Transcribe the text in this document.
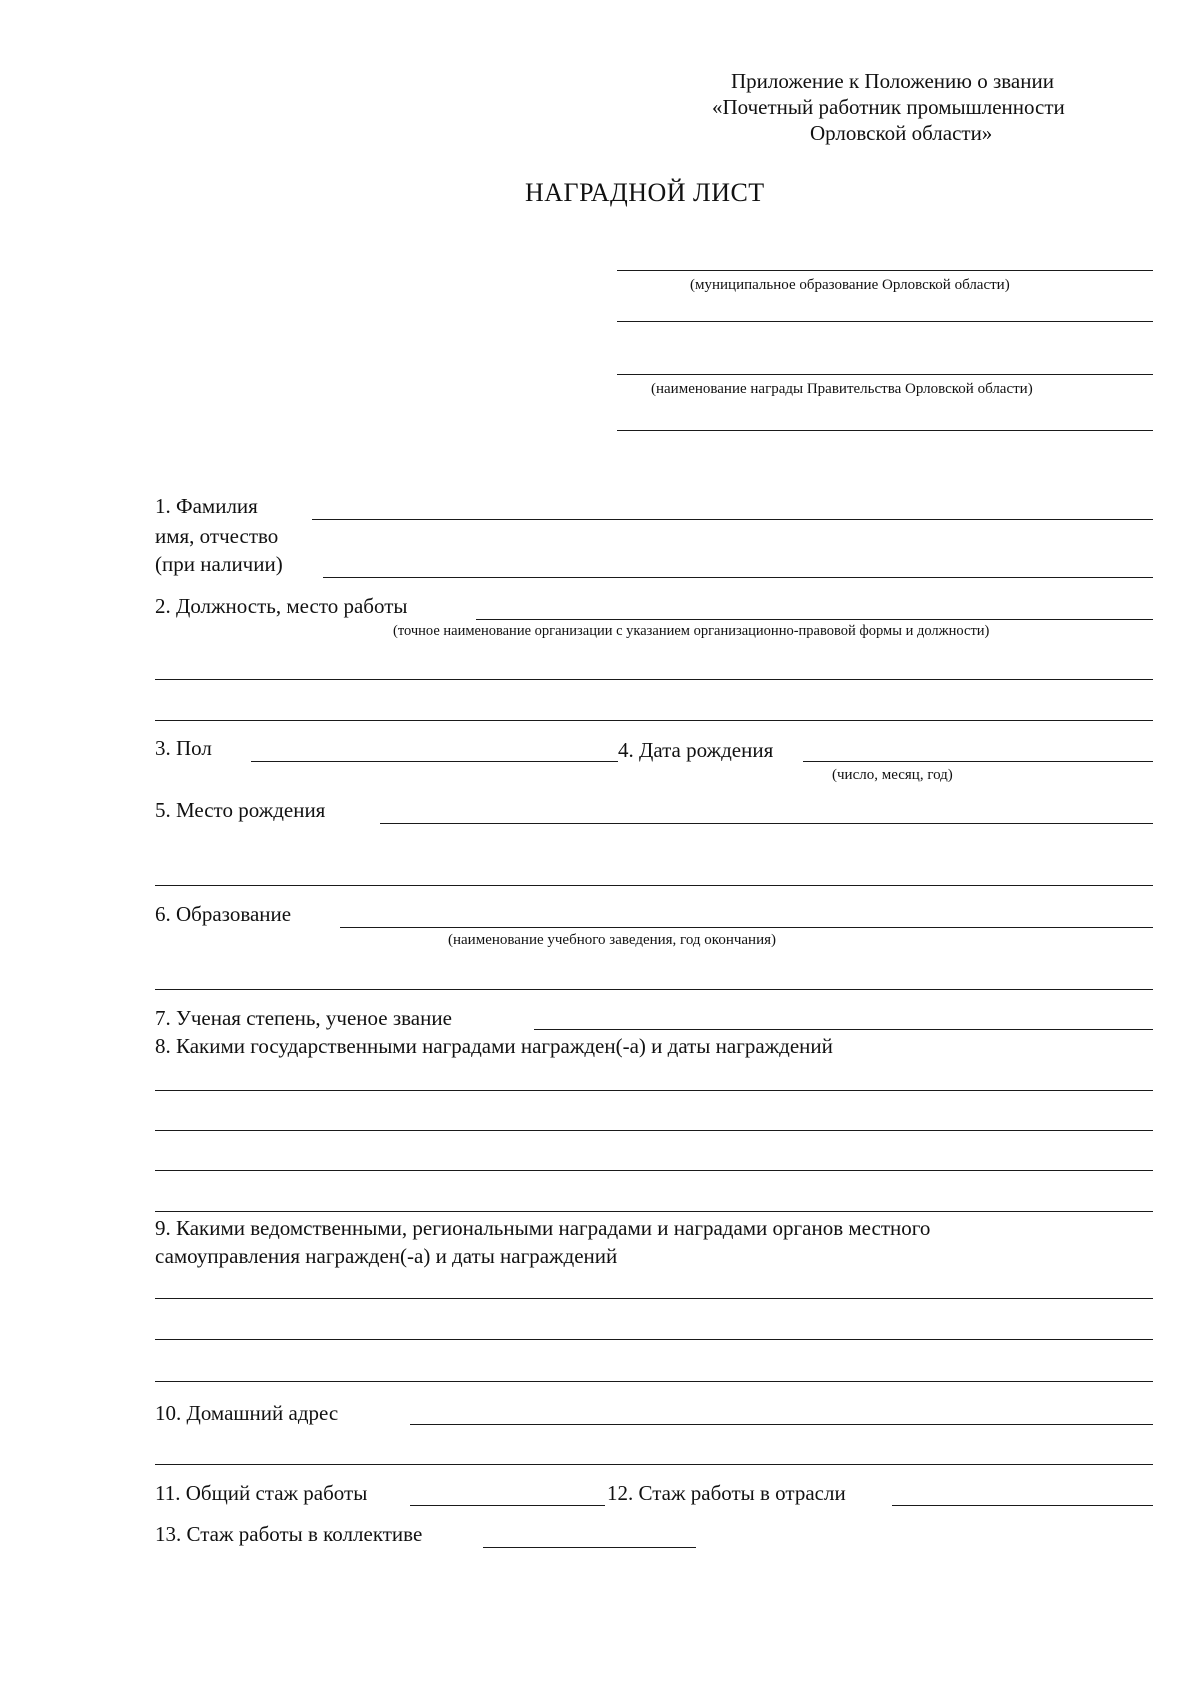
Приложение к Положению о звании
«Почетный работник промышленности
Орловской области»
НАГРАДНОЙ ЛИСТ
(муниципальное образование Орловской области)
(наименование награды Правительства Орловской области)
1. Фамилия
имя, отчество
(при наличии)
2. Должность, место работы
(точное наименование организации с указанием организационно-правовой формы и должности)
3. Пол	4. Дата рождения
(число, месяц, год)
5. Место рождения
6. Образование
(наименование учебного заведения, год окончания)
7. Ученая степень, ученое звание
8. Какими государственными наградами награжден(-а) и даты награждений
9. Какими ведомственными, региональными наградами и наградами органов местного
самоуправления награжден(-а) и даты награждений
10. Домашний адрес
11. Общий стаж работы	12. Стаж работы в отрасли
13. Стаж работы в коллективе
